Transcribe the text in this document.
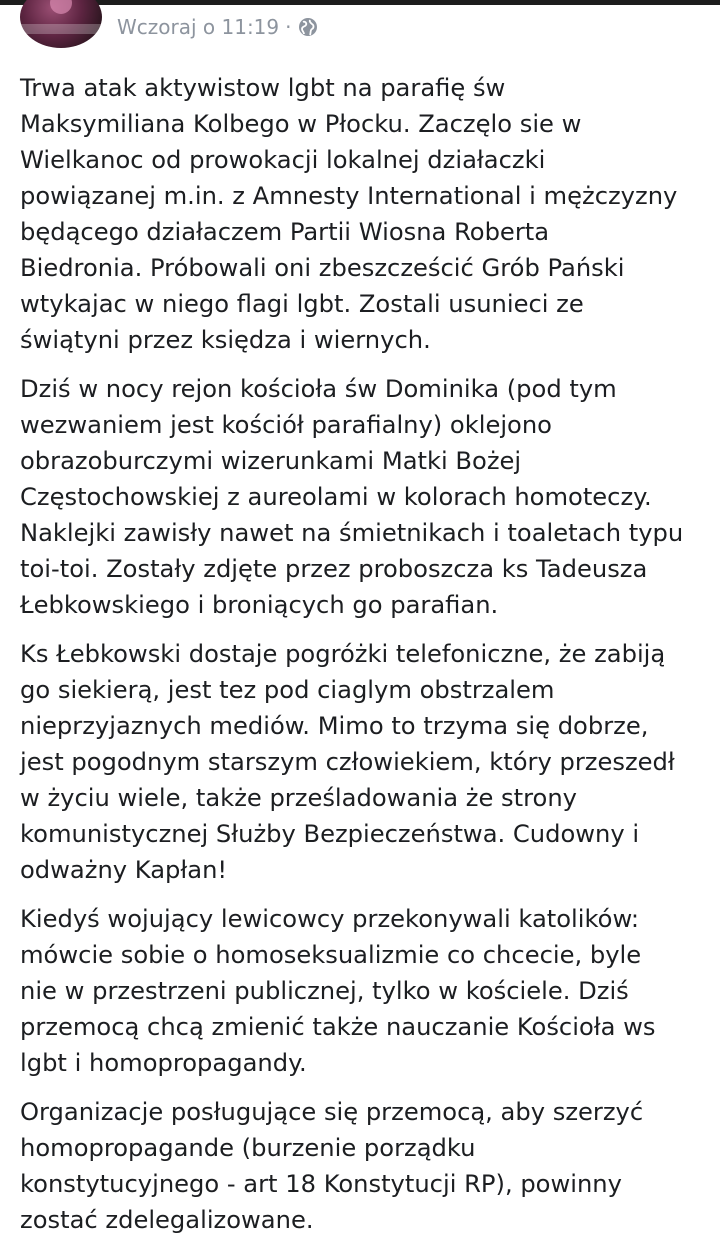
Wczoraj o 11:19 ·

Trwa atak aktywistow lgbt na parafię św
Maksymiliana Kolbego w Płocku. Zaczęlo sie w
Wielkanoc od prowokacji lokalnej działaczki
powiązanej m.in. z Amnesty International i mężczyzny
będącego działaczem Partii Wiosna Roberta
Biedronia. Próbowali oni zbeszcześcić Grób Pański
wtykajac w niego flagi lgbt. Zostali usunieci ze
świątyni przez księdza i wiernych.

Dziś w nocy rejon kościoła św Dominika (pod tym
wezwaniem jest kościół parafialny) oklejono
obrazoburczymi wizerunkami Matki Bożej
Częstochowskiej z aureolami w kolorach homoteczy.
Naklejki zawisły nawet na śmietnikach i toaletach typu
toi-toi. Zostały zdjęte przez proboszcza ks Tadeusza
Łebkowskiego i broniących go parafian.

Ks Łebkowski dostaje pogróżki telefoniczne, że zabiją
go siekierą, jest tez pod ciaglym obstrzalem
nieprzyjaznych mediów. Mimo to trzyma się dobrze,
jest pogodnym starszym człowiekiem, który przeszedł
w życiu wiele, także prześladowania że strony
komunistycznej Służby Bezpieczeństwa. Cudowny i
odważny Kapłan!

Kiedyś wojujący lewicowcy przekonywali katolików:
mówcie sobie o homoseksualizmie co chcecie, byle
nie w przestrzeni publicznej, tylko w kościele. Dziś
przemocą chcą zmienić także nauczanie Kościoła ws
lgbt i homopropagandy.

Organizacje posługujące się przemocą, aby szerzyć
homopropagande (burzenie porządku
konstytucyjnego - art 18 Konstytucji RP), powinny
zostać zdelegalizowane.
